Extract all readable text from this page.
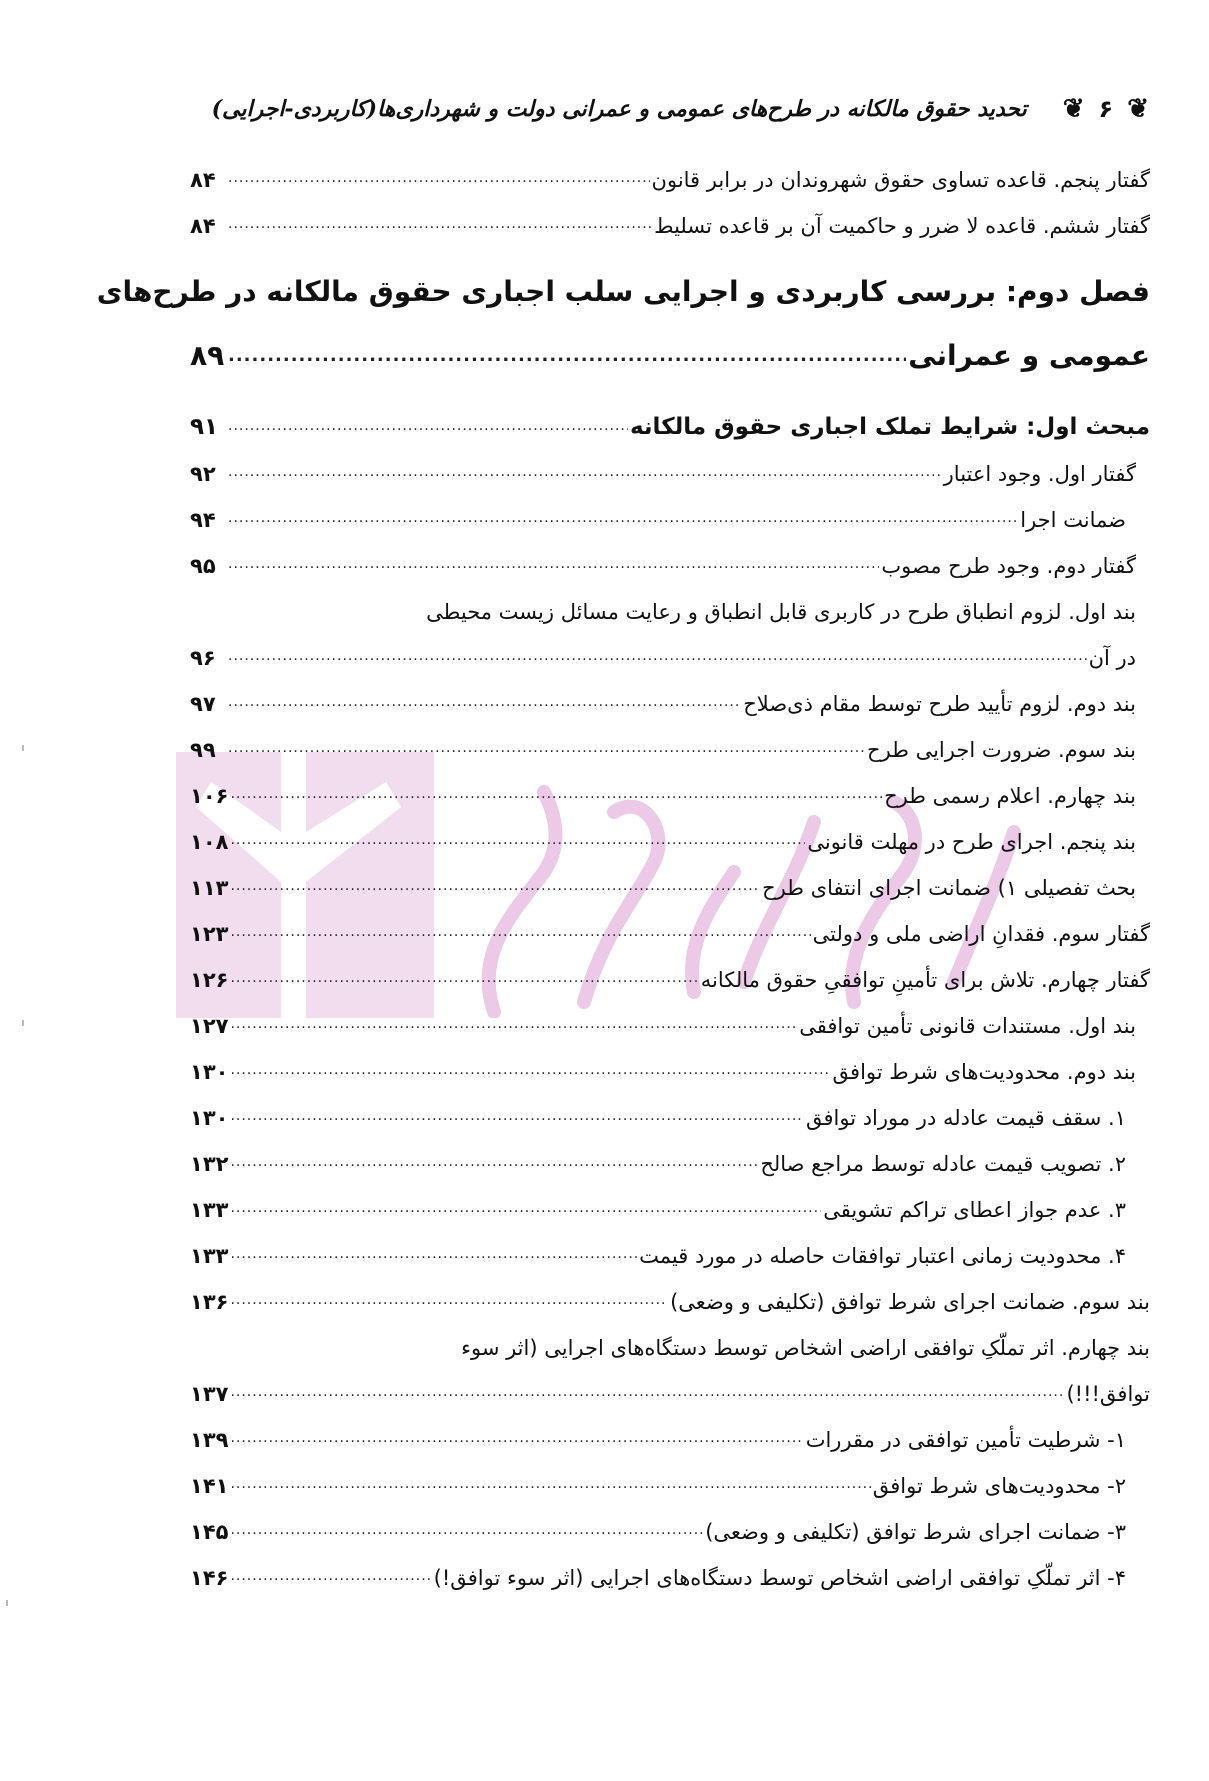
❦
۶
❦
تحدید حقوق مالکانه در طرح‌های عمومی و عمرانی دولت و شهرداری‌ها(کاربردی-اجرایی)
گفتار پنجم. قاعده تساوی حقوق شهروندان در برابر قانون
.....
۸۴
گفتار ششم. قاعده لا ضرر و حاکمیت آن بر قاعده تسلیط
.....
۸۴
فصل دوم: بررسی کاربردی و اجرایی سلب اجباری حقوق مالکانه در طرح‌های
عمومی و عمرانی
.....
۸۹
مبحث اول: شرایط تملک اجباری حقوق مالکانه
.....
۹۱
گفتار اول. وجود اعتبار
.....
۹۲
ضمانت اجرا
.....
۹۴
گفتار دوم. وجود طرح مصوب
.....
۹۵
بند اول. لزوم انطباق طرح در کاربری قابل انطباق و رعایت مسائل زیست محیطی
در آن
.....
۹۶
بند دوم. لزوم تأیید طرح توسط مقام ذی‌صلاح
.....
۹۷
بند سوم. ضرورت اجرایی طرح
.....
۹۹
بند چهارم. اعلام رسمی طرح
.....
۱۰۶
بند پنجم. اجرای طرح در مهلت قانونی
.....
۱۰۸
بحث تفصیلی ۱) ضمانت اجرای انتفای طرح
.....
۱۱۳
گفتار سوم. فقدانِ اراضی ملی و دولتی
.....
۱۲۳
گفتار چهارم. تلاش برای تأمینِ توافقیِ حقوق مالکانه
.....
۱۲۶
بند اول. مستندات قانونی تأمین توافقی
.....
۱۲۷
بند دوم. محدودیت‌های شرط توافق
.....
۱۳۰
۱. سقف قیمت عادله در موراد توافق
.....
۱۳۰
۲. تصویب قیمت عادله توسط مراجع صالح
.....
۱۳۲
۳. عدم جواز اعطای تراکم تشویقی
.....
۱۳۳
۴. محدودیت زمانی اعتبار توافقات حاصله در مورد قیمت
.....
۱۳۳
بند سوم. ضمانت اجرای شرط توافق (تکلیفی و وضعی)
.....
۱۳۶
بند چهارم. اثر تملّکِ توافقی اراضی اشخاص توسط دستگاه‌های اجرایی (اثر سوء
توافق!!!)
.....
۱۳۷
۱- شرطیت تأمین توافقی در مقررات
.....
۱۳۹
۲- محدودیت‌های شرط توافق
.....
۱۴۱
۳- ضمانت اجرای شرط توافق (تکلیفی و وضعی)
.....
۱۴۵
۴- اثر تملّکِ توافقی اراضی اشخاص توسط دستگاه‌های اجرایی (اثر سوء توافق!)
.....
۱۴۶
